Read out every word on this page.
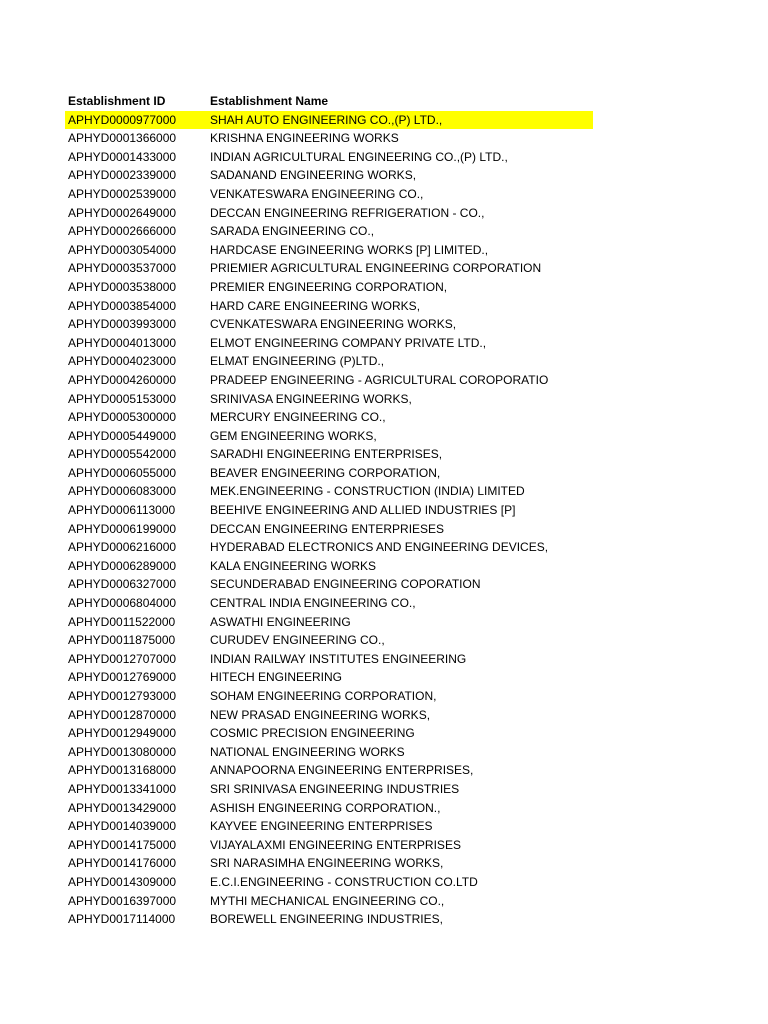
Establishment ID	Establishment Name
APHYD0000977000	SHAH AUTO ENGINEERING CO.,(P) LTD.,
APHYD0001366000	KRISHNA ENGINEERING WORKS
APHYD0001433000	INDIAN AGRICULTURAL ENGINEERING CO.,(P) LTD.,
APHYD0002339000	SADANAND ENGINEERING WORKS,
APHYD0002539000	VENKATESWARA ENGINEERING CO.,
APHYD0002649000	DECCAN ENGINEERING REFRIGERATION - CO.,
APHYD0002666000	SARADA ENGINEERING CO.,
APHYD0003054000	HARDCASE ENGINEERING WORKS [P] LIMITED.,
APHYD0003537000	PRIEMIER AGRICULTURAL ENGINEERING CORPORATION
APHYD0003538000	PREMIER ENGINEERING CORPORATION,
APHYD0003854000	HARD CARE ENGINEERING WORKS,
APHYD0003993000	CVENKATESWARA ENGINEERING WORKS,
APHYD0004013000	ELMOT ENGINEERING COMPANY PRIVATE LTD.,
APHYD0004023000	ELMAT ENGINEERING (P)LTD.,
APHYD0004260000	PRADEEP ENGINEERING - AGRICULTURAL COROPORATIO
APHYD0005153000	SRINIVASA ENGINEERING WORKS,
APHYD0005300000	MERCURY ENGINEERING CO.,
APHYD0005449000	GEM ENGINEERING WORKS,
APHYD0005542000	SARADHI ENGINEERING ENTERPRISES,
APHYD0006055000	BEAVER ENGINEERING CORPORATION,
APHYD0006083000	MEK.ENGINEERING - CONSTRUCTION (INDIA) LIMITED
APHYD0006113000	BEEHIVE ENGINEERING AND ALLIED INDUSTRIES [P]
APHYD0006199000	DECCAN ENGINEERING ENTERPRIESES
APHYD0006216000	HYDERABAD ELECTRONICS AND ENGINEERING DEVICES,
APHYD0006289000	KALA ENGINEERING WORKS
APHYD0006327000	SECUNDERABAD ENGINEERING COPORATION
APHYD0006804000	CENTRAL INDIA ENGINEERING CO.,
APHYD0011522000	ASWATHI ENGINEERING
APHYD0011875000	CURUDEV ENGINEERING CO.,
APHYD0012707000	INDIAN RAILWAY INSTITUTES ENGINEERING
APHYD0012769000	HITECH ENGINEERING
APHYD0012793000	SOHAM ENGINEERING CORPORATION,
APHYD0012870000	NEW PRASAD ENGINEERING WORKS,
APHYD0012949000	COSMIC PRECISION ENGINEERING
APHYD0013080000	NATIONAL ENGINEERING WORKS
APHYD0013168000	ANNAPOORNA ENGINEERING ENTERPRISES,
APHYD0013341000	SRI SRINIVASA ENGINEERING INDUSTRIES
APHYD0013429000	ASHISH ENGINEERING CORPORATION.,
APHYD0014039000	KAYVEE ENGINEERING ENTERPRISES
APHYD0014175000	VIJAYALAXMI ENGINEERING ENTERPRISES
APHYD0014176000	SRI NARASIMHA ENGINEERING WORKS,
APHYD0014309000	E.C.I.ENGINEERING - CONSTRUCTION CO.LTD
APHYD0016397000	MYTHI MECHANICAL ENGINEERING CO.,
APHYD0017114000	BOREWELL ENGINEERING INDUSTRIES,
